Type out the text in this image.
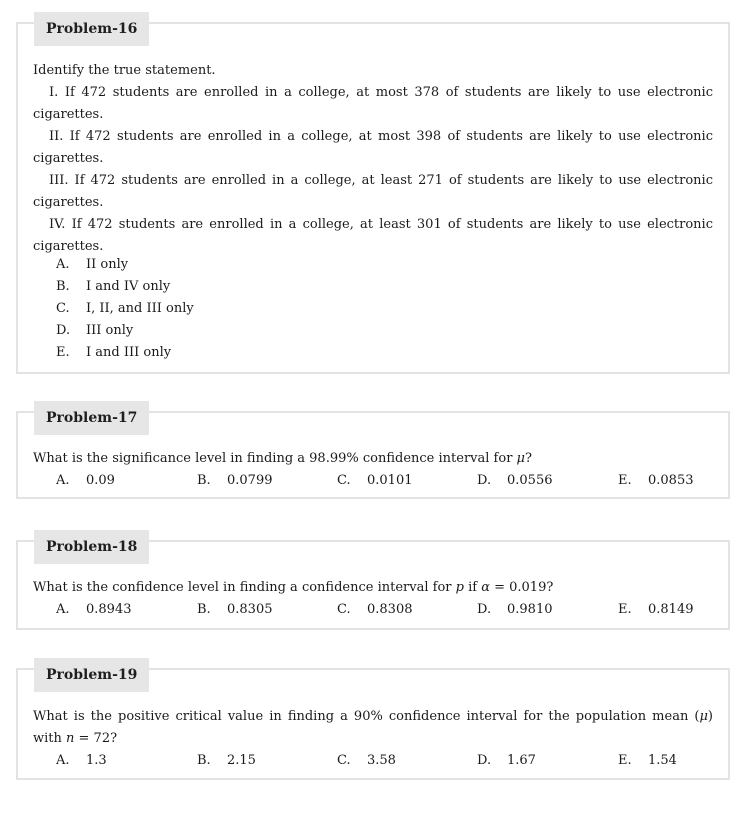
Problem-16
Identify the true statement.
I. If 472 students are enrolled in a college, at most 378 of students are likely to use electronic cigarettes.
II. If 472 students are enrolled in a college, at most 398 of students are likely to use electronic cigarettes.
III. If 472 students are enrolled in a college, at least 271 of students are likely to use electronic cigarettes.
IV. If 472 students are enrolled in a college, at least 301 of students are likely to use electronic cigarettes.
A. II only
B. I and IV only
C. I, II, and III only
D. III only
E. I and III only
Problem-17
What is the significance level in finding a 98.99% confidence interval for μ?
A. 0.09	B. 0.0799	C. 0.0101	D. 0.0556	E. 0.0853
Problem-18
What is the confidence level in finding a confidence interval for p if α = 0.019?
A. 0.8943	B. 0.8305	C. 0.8308	D. 0.9810	E. 0.8149
Problem-19
What is the positive critical value in finding a 90% confidence interval for the population mean (μ) with n = 72?
A. 1.3	B. 2.15	C. 3.58	D. 1.67	E. 1.54
